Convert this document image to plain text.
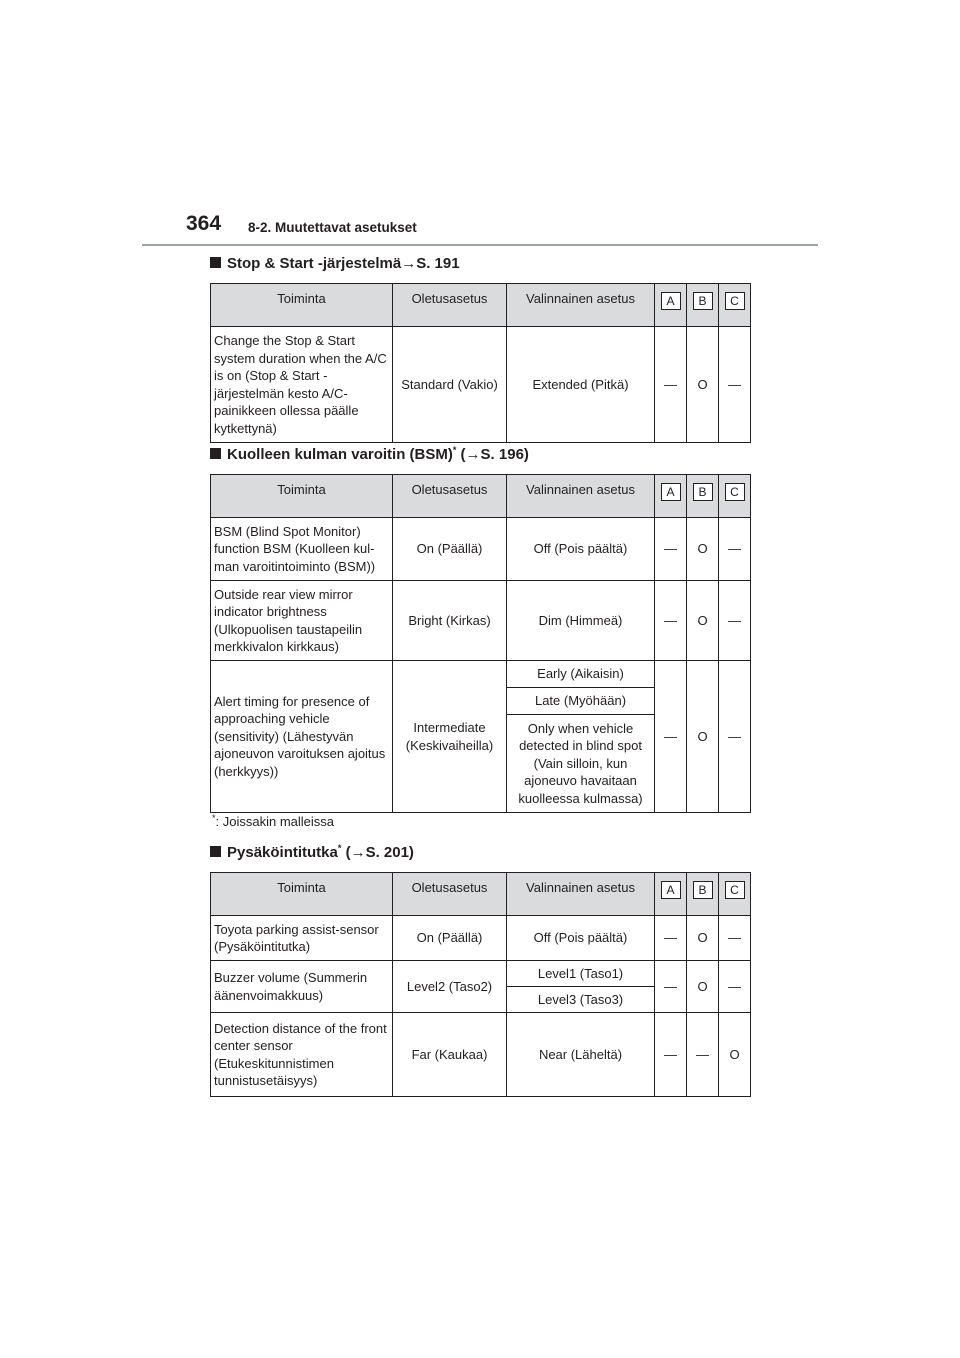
364 8-2. Muutettavat asetukset
Stop & Start -järjestelmä→S. 191
Toiminta	Oletusasetus	Valinnainen asetus	A	B	C
Change the Stop & Start system duration when the A/C is on (Stop & Start -järjestelmän kesto A/C-painikkeen ollessa päälle kytkettynä)	Standard (Vakio)	Extended (Pitkä)	—	O	—
Kuolleen kulman varoitin (BSM)* (→S. 196)
Toiminta	Oletusasetus	Valinnainen asetus	A	B	C
BSM (Blind Spot Monitor) function BSM (Kuolleen kul-man varoitintoiminto (BSM))	On (Päällä)	Off (Pois päältä)	—	O	—
Outside rear view mirror indicator brightness (Ulkopuolisen taustapeilin merkkivalon kirkkaus)	Bright (Kirkas)	Dim (Himmeä)	—	O	—
Alert timing for presence of approaching vehicle (sensitivity) (Lähestyvän ajoneuvon varoituksen ajoitus (herkkyys))	Intermediate (Keskivaiheilla)	Early (Aikaisin)	—	O	—
		Late (Myöhään)			
		Only when vehicle detected in blind spot (Vain silloin, kun ajoneuvo havaitaan kuolleessa kulmassa)			
*: Joissakin malleissa
Pysäköintitutka* (→S. 201)
Toiminta	Oletusasetus	Valinnainen asetus	A	B	C
Toyota parking assist-sensor (Pysäköintitutka)	On (Päällä)	Off (Pois päältä)	—	O	—
Buzzer volume (Summerin äänenvoimakkuus)	Level2 (Taso2)	Level1 (Taso1)	—	O	—
		Level3 (Taso3)			
Detection distance of the front center sensor (Etukeskitunnistimen tunnistusetäisyys)	Far (Kaukaa)	Near (Läheltä)	—	—	O
